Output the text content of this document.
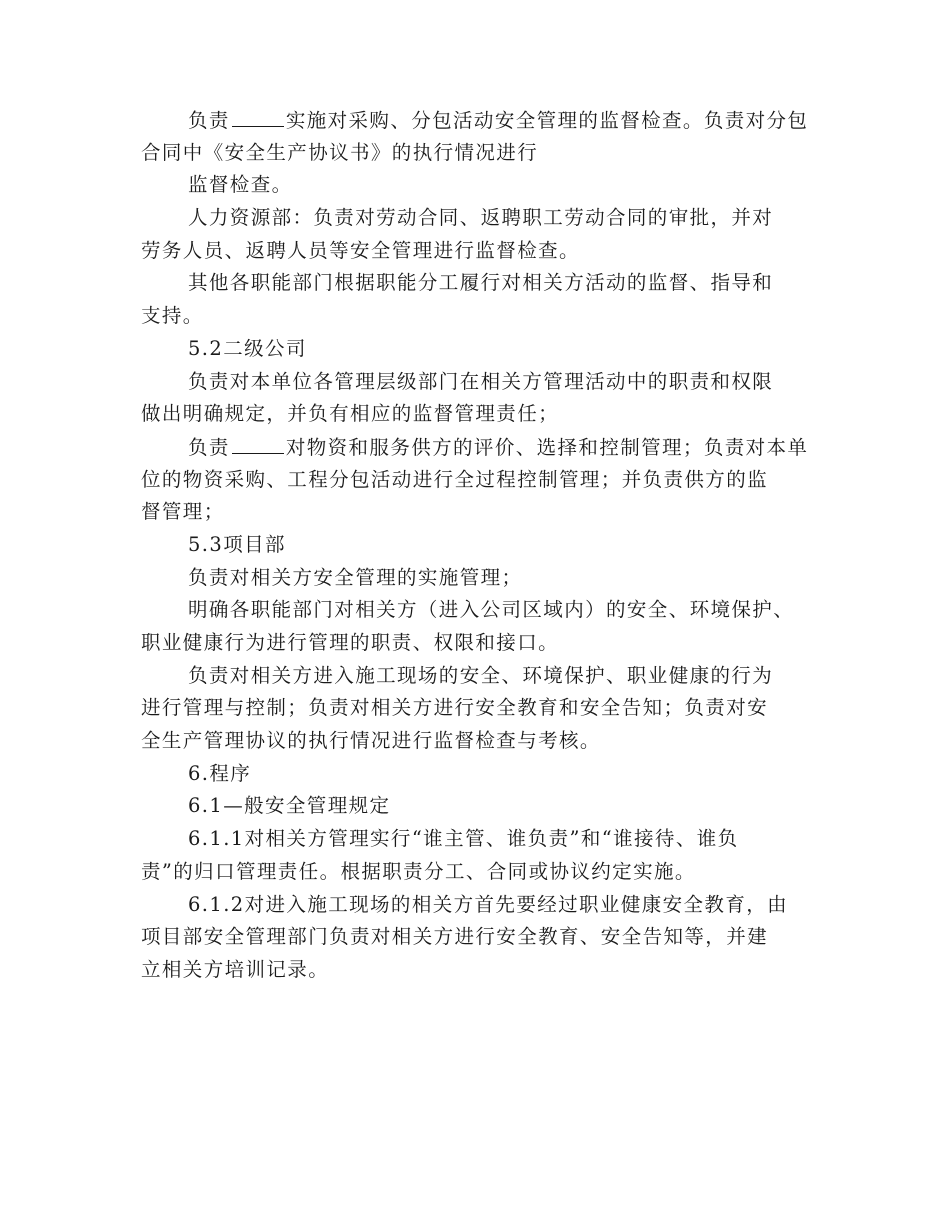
负责	实施对采购、分包活动安全管理的监督检查。负责对分包
合同中《安全生产协议书》的执行情况进行
监督检查。
人力资源部：负责对劳动合同、返聘职工劳动合同的审批，并对
劳务人员、返聘人员等安全管理进行监督检查。
其他各职能部门根据职能分工履行对相关方活动的监督、指导和
支持。
5.2二级公司
负责对本单位各管理层级部门在相关方管理活动中的职责和权限
做出明确规定，并负有相应的监督管理责任；
负责	对物资和服务供方的评价、选择和控制管理；负责对本单
位的物资采购、工程分包活动进行全过程控制管理；并负责供方的监
督管理；
5.3项目部
负责对相关方安全管理的实施管理；
明确各职能部门对相关方（进入公司区域内）的安全、环境保护、
职业健康行为进行管理的职责、权限和接口。
负责对相关方进入施工现场的安全、环境保护、职业健康的行为
进行管理与控制；负责对相关方进行安全教育和安全告知；负责对安
全生产管理协议的执行情况进行监督检查与考核。
6.程序
6.1—般安全管理规定
6.1.1对相关方管理实行“谁主管、谁负责”和“谁接待、谁负
责”的归口管理责任。根据职责分工、合同或协议约定实施。
6.1.2对进入施工现场的相关方首先要经过职业健康安全教育，由
项目部安全管理部门负责对相关方进行安全教育、安全告知等，并建
立相关方培训记录。
